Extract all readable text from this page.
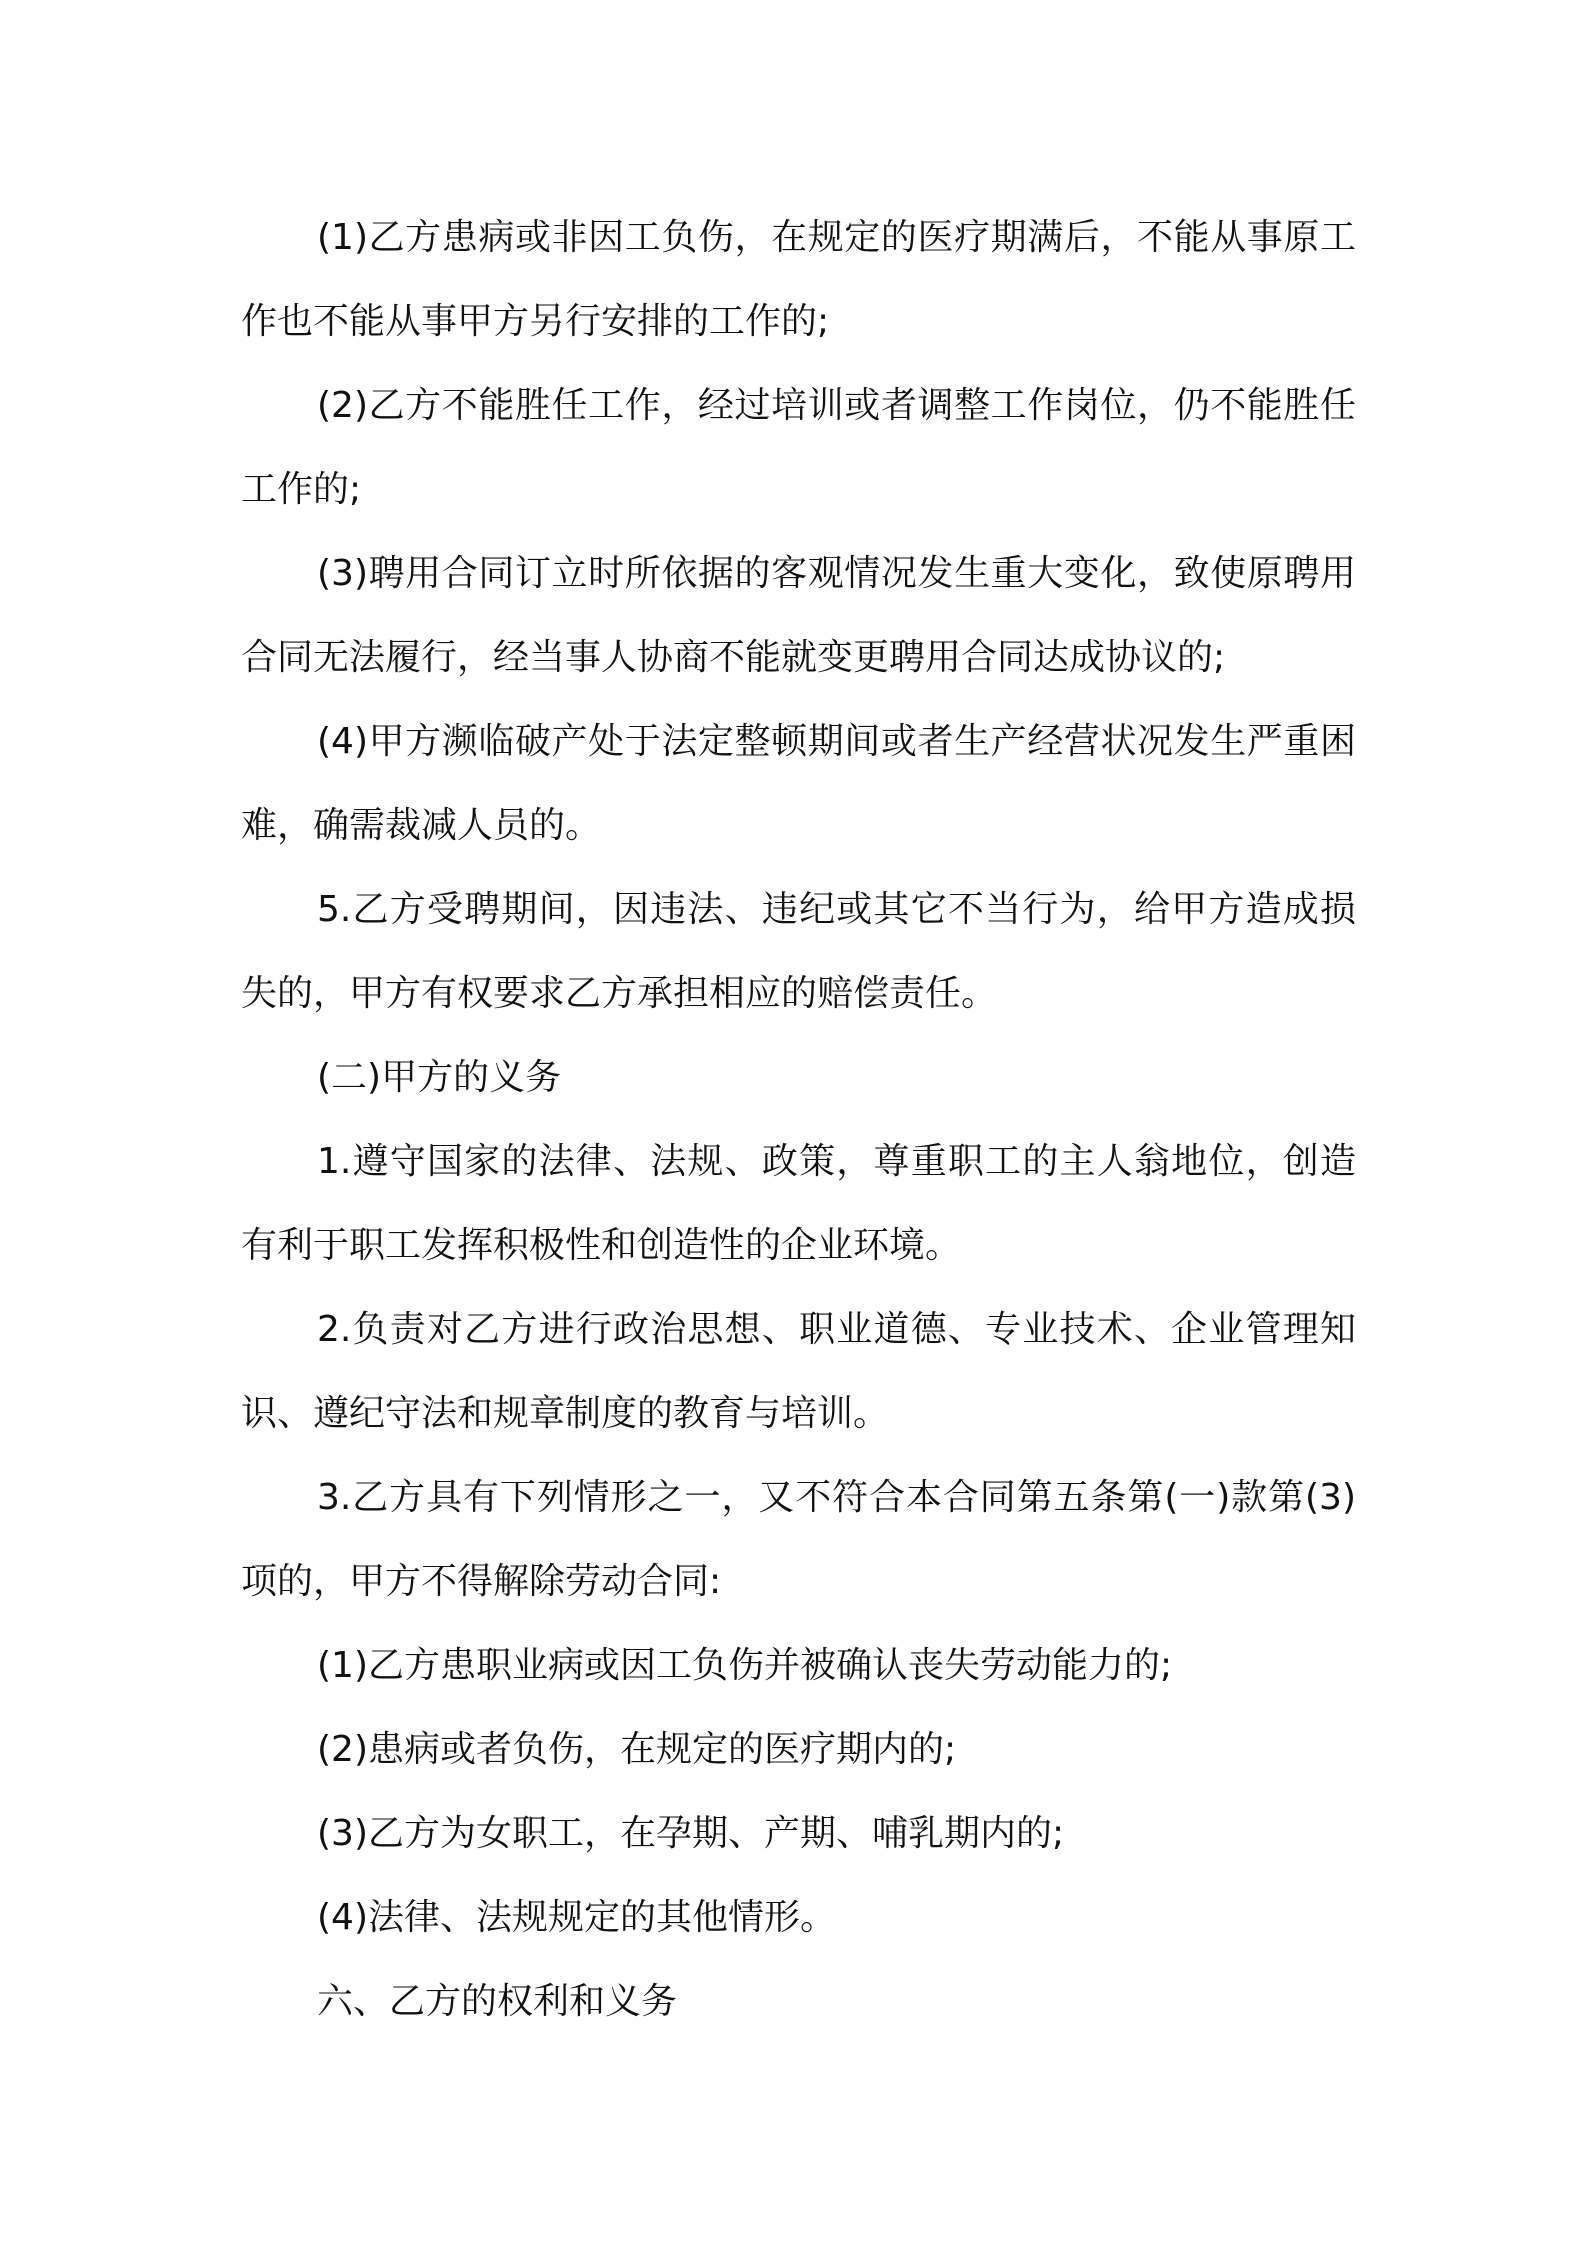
(1)乙方患病或非因工负伤，在规定的医疗期满后，不能从事原工作也不能从事甲方另行安排的工作的;

(2)乙方不能胜任工作，经过培训或者调整工作岗位，仍不能胜任工作的;

(3)聘用合同订立时所依据的客观情况发生重大变化，致使原聘用合同无法履行，经当事人协商不能就变更聘用合同达成协议的;

(4)甲方濒临破产处于法定整顿期间或者生产经营状况发生严重困难，确需裁减人员的。

5.乙方受聘期间，因违法、违纪或其它不当行为，给甲方造成损失的，甲方有权要求乙方承担相应的赔偿责任。

(二)甲方的义务

1.遵守国家的法律、法规、政策，尊重职工的主人翁地位，创造有利于职工发挥积极性和创造性的企业环境。

2.负责对乙方进行政治思想、职业道德、专业技术、企业管理知识、遵纪守法和规章制度的教育与培训。

3.乙方具有下列情形之一，又不符合本合同第五条第(一)款第(3)项的，甲方不得解除劳动合同:

(1)乙方患职业病或因工负伤并被确认丧失劳动能力的;

(2)患病或者负伤，在规定的医疗期内的;

(3)乙方为女职工，在孕期、产期、哺乳期内的;

(4)法律、法规规定的其他情形。

六、乙方的权利和义务
